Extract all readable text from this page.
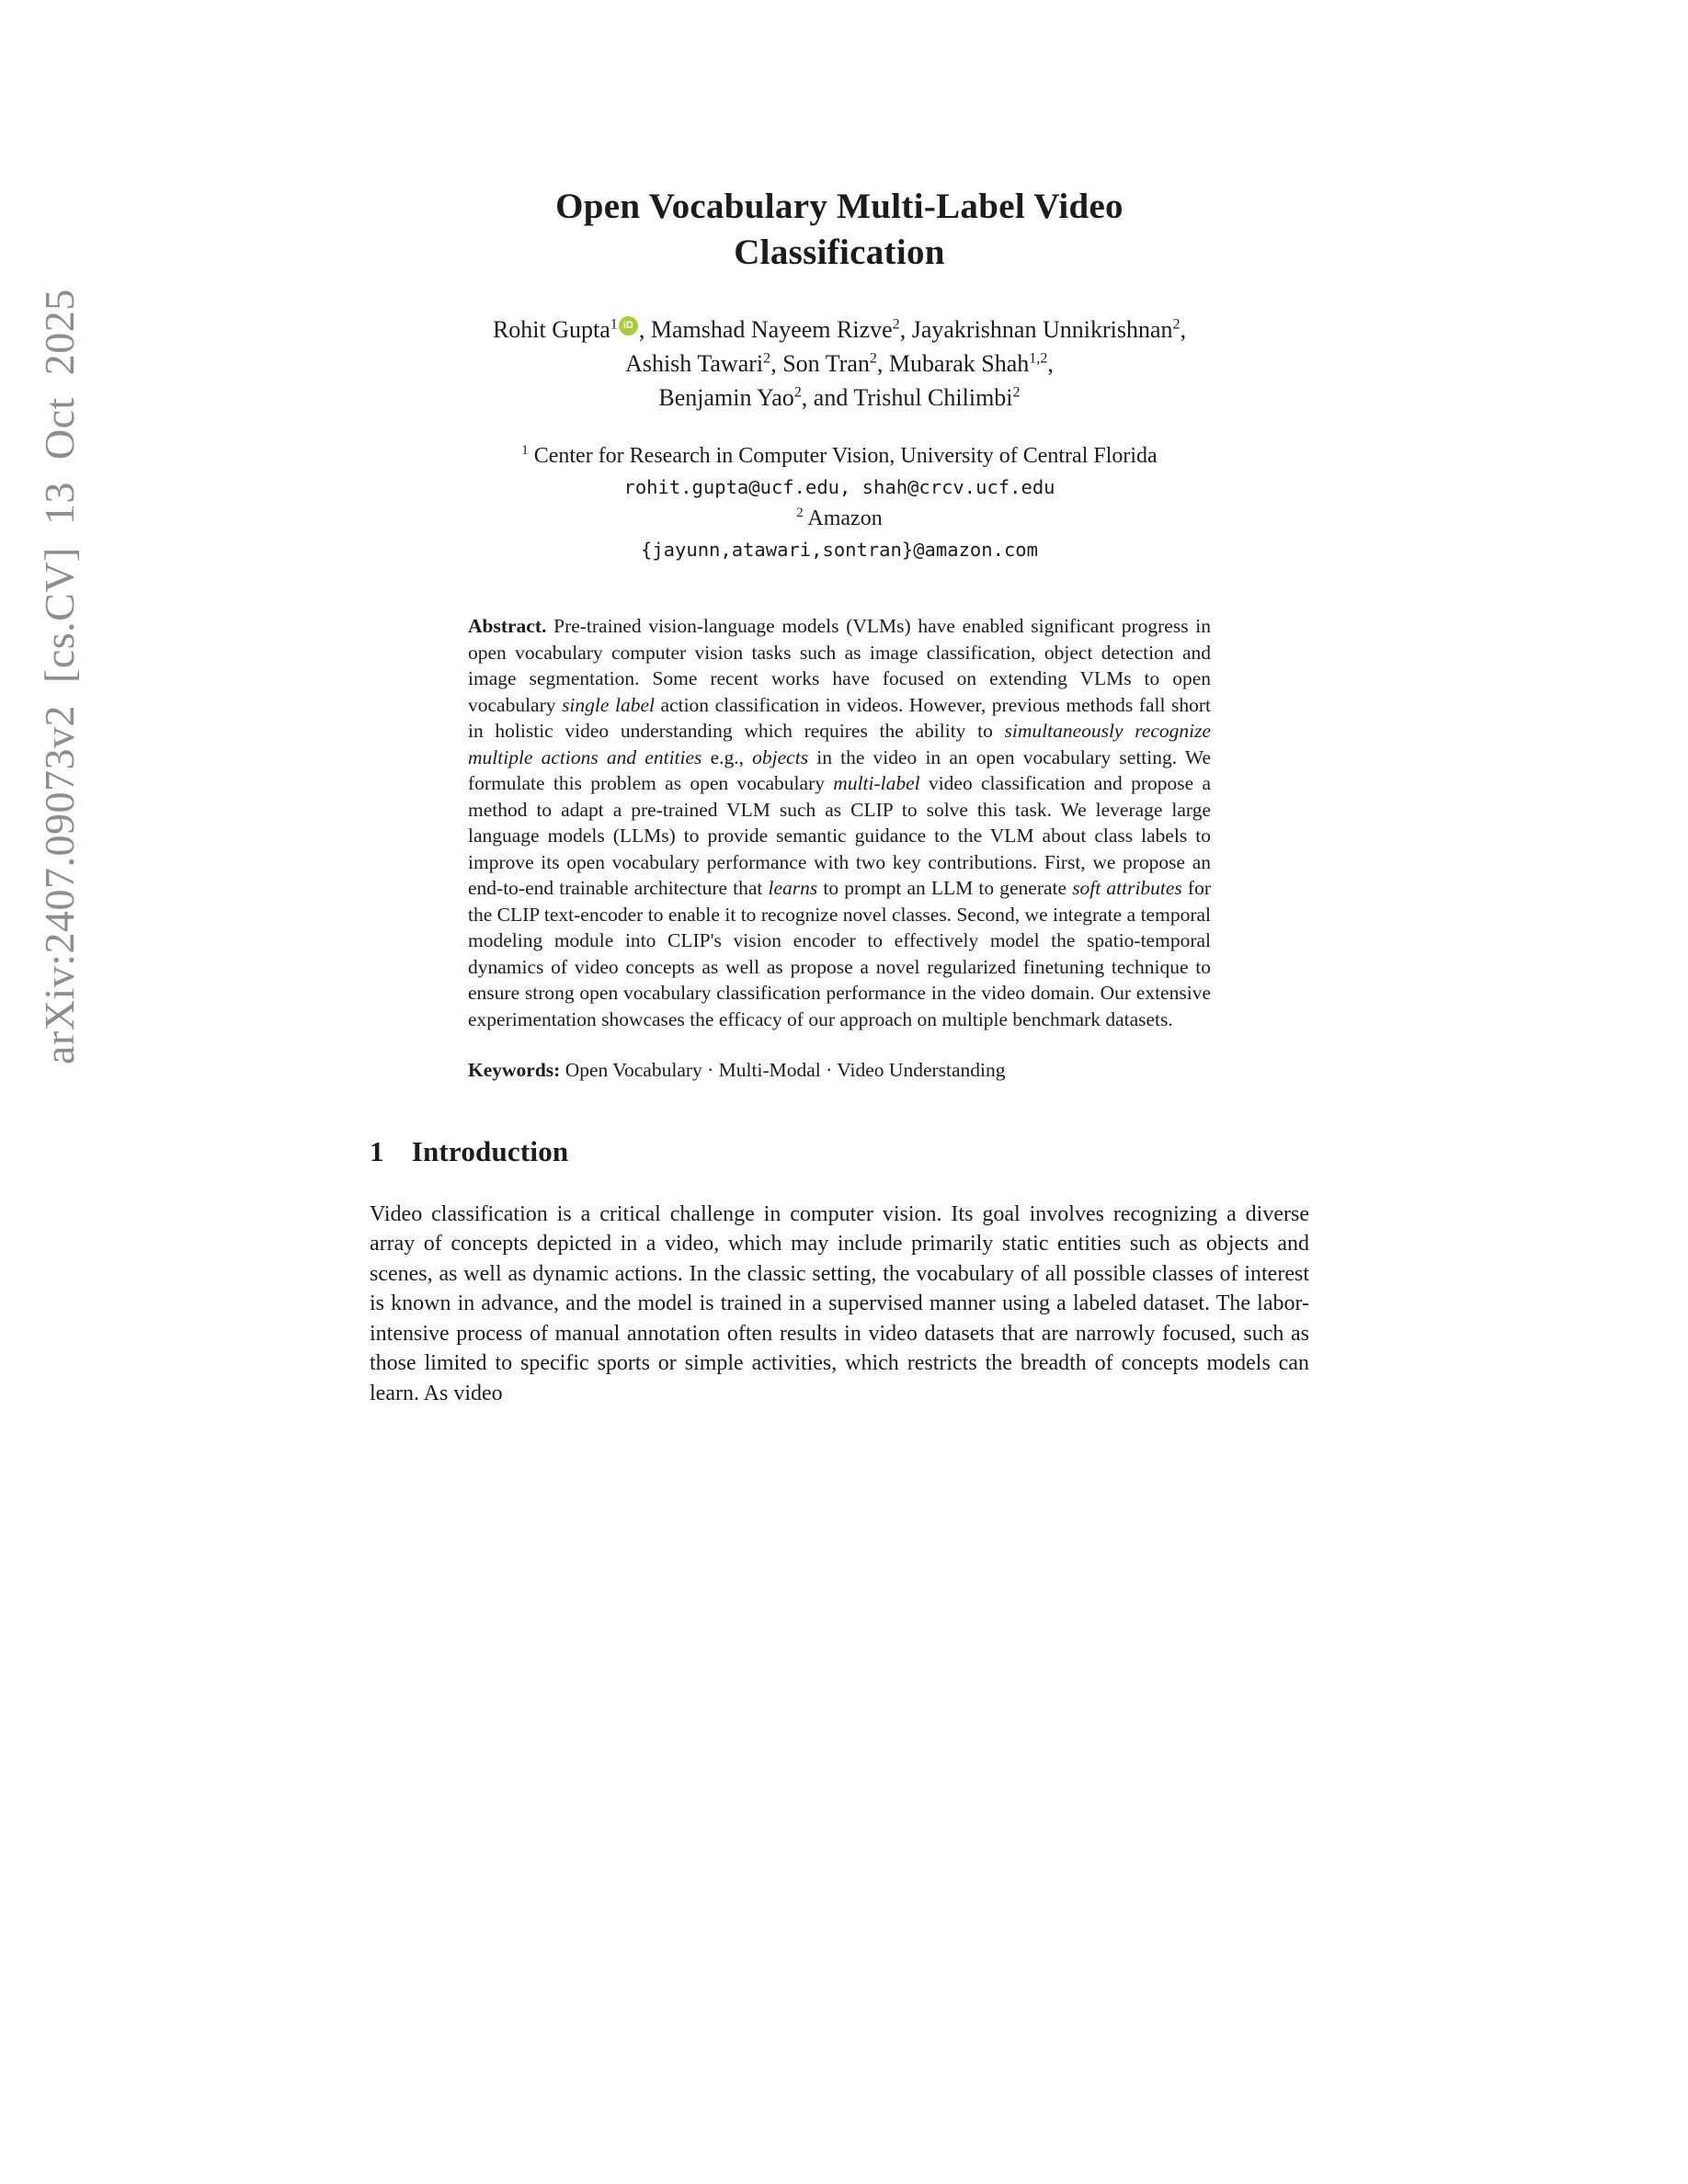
arXiv:2407.09073v2 [cs.CV] 13 Oct 2025
Open Vocabulary Multi-Label Video
Classification
Rohit Gupta$^1$ iD , Mamshad Nayeem Rizve$^2$, Jayakrishnan Unnikrishnan$^2$,
Ashish Tawari$^2$, Son Tran$^2$, Mubarak Shah$^{1,2}$,
Benjamin Yao$^2$, and Trishul Chilimbi$^2$
$^1$ Center for Research in Computer Vision, University of Central Florida
rohit.gupta@ucf.edu, shah@crcv.ucf.edu
$^2$ Amazon
{jayunn,atawari,sontran}@amazon.com
Abstract. Pre-trained vision-language models (VLMs) have enabled significant progress in open vocabulary computer vision tasks such as image classification, object detection and image segmentation. Some recent works have focused on extending VLMs to open vocabulary single label action classification in videos. However, previous methods fall short in holistic video understanding which requires the ability to simultaneously recognize multiple actions and entities e.g., objects in the video in an open vocabulary setting. We formulate this problem as open vocabulary multi-label video classification and propose a method to adapt a pre-trained VLM such as CLIP to solve this task. We leverage large language models (LLMs) to provide semantic guidance to the VLM about class labels to improve its open vocabulary performance with two key contributions. First, we propose an end-to-end trainable architecture that learns to prompt an LLM to generate soft attributes for the CLIP text-encoder to enable it to recognize novel classes. Second, we integrate a temporal modeling module into CLIP's vision encoder to effectively model the spatio-temporal dynamics of video concepts as well as propose a novel regularized finetuning technique to ensure strong open vocabulary classification performance in the video domain. Our extensive experimentation showcases the efficacy of our approach on multiple benchmark datasets.
Keywords: Open Vocabulary · Multi-Modal · Video Understanding
1 Introduction

Video classification is a critical challenge in computer vision. Its goal involves recognizing a diverse array of concepts depicted in a video, which may include primarily static entities such as objects and scenes, as well as dynamic actions. In the classic setting, the vocabulary of all possible classes of interest is known in advance, and the model is trained in a supervised manner using a labeled dataset. The labor-intensive process of manual annotation often results in video datasets that are narrowly focused, such as those limited to specific sports or simple activities, which restricts the breadth of concepts models can learn. As video
